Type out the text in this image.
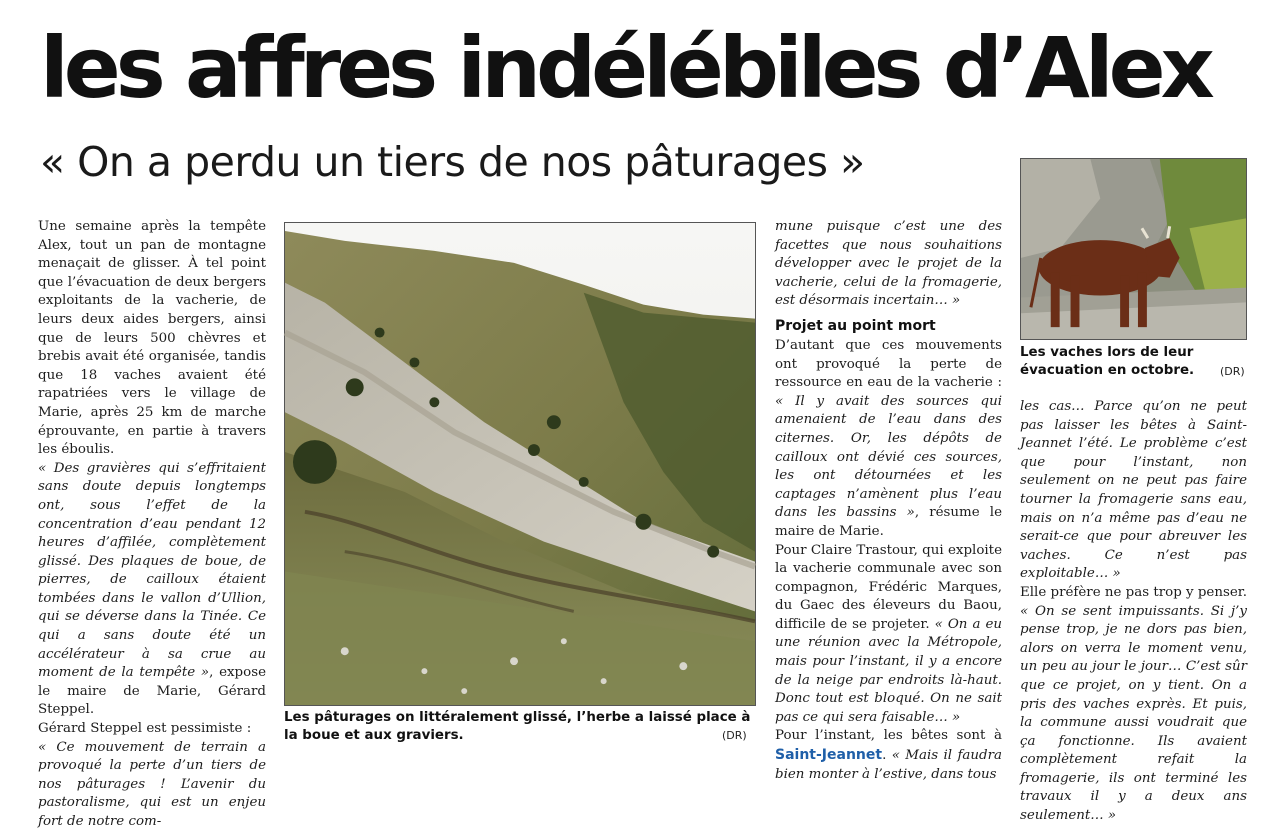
les affres indélébiles d’Alex
« On a perdu un tiers de nos pâturages »

Une semaine après la tempête Alex, tout un pan de montagne menaçait de glisser. À tel point que l’évacuation de deux bergers exploitants de la vacherie, de leurs deux aides bergers, ainsi que de leurs 500 chèvres et brebis avait été organisée, tandis que 18 vaches avaient été rapatriées vers le village de Marie, après 25 km de marche éprouvante, en partie à travers les éboulis.

« Des gravières qui s’effritaient sans doute depuis longtemps ont, sous l’effet de la concentration d’eau pendant 12 heures d’affilée, complètement glissé. Des plaques de boue, de pierres, de cailloux étaient tombées dans le vallon d’Ullion, qui se déverse dans la Tinée. Ce qui a sans doute été un accélérateur à sa crue au moment de la tempête », expose le maire de Marie, Gérard Steppel.

Gérard Steppel est pessimiste :

« Ce mouvement de terrain a provoqué la perte d’un tiers de nos pâturages ! L’avenir du pastoralisme, qui est un enjeu fort de notre com-

Les pâturages on littéralement glissé, l’herbe a laissé place à la boue et aux graviers.	(DR)

mune puisque c’est une des facettes que nous souhaitions développer avec le projet de la vacherie, celui de la fromagerie, est désormais incertain… »

Projet au point mort

D’autant que ces mouvements ont provoqué la perte de ressource en eau de la vacherie : « Il y avait des sources qui amenaient de l’eau dans des citernes. Or, les dépôts de cailloux ont dévié ces sources, les ont détournées et les captages n’amènent plus l’eau dans les bassins », résume le maire de Marie.

Pour Claire Trastour, qui exploite la vacherie communale avec son compagnon, Frédéric Marques, du Gaec des éleveurs du Baou, difficile de se projeter. « On a eu une réunion avec la Métropole, mais pour l’instant, il y a encore de la neige par endroits là-haut. Donc tout est bloqué. On ne sait pas ce qui sera faisable… »

Pour l’instant, les bêtes sont à Saint-Jeannet. « Mais il faudra bien monter à l’estive, dans tous

Les vaches lors de leur évacuation en octobre.	(DR)

les cas… Parce qu’on ne peut pas laisser les bêtes à Saint-Jeannet l’été. Le problème c’est que pour l’instant, non seulement on ne peut pas faire tourner la fromagerie sans eau, mais on n’a même pas d’eau ne serait-ce que pour abreuver les vaches. Ce n’est pas exploitable… »

Elle préfère ne pas trop y penser.

« On se sent impuissants. Si j’y pense trop, je ne dors pas bien, alors on verra le moment venu, un peu au jour le jour… C’est sûr que ce projet, on y tient. On a pris des vaches exprès. Et puis, la commune aussi voudrait que ça fonctionne. Ils avaient complètement refait la fromagerie, ils ont terminé les travaux il y a deux ans seulement… »
